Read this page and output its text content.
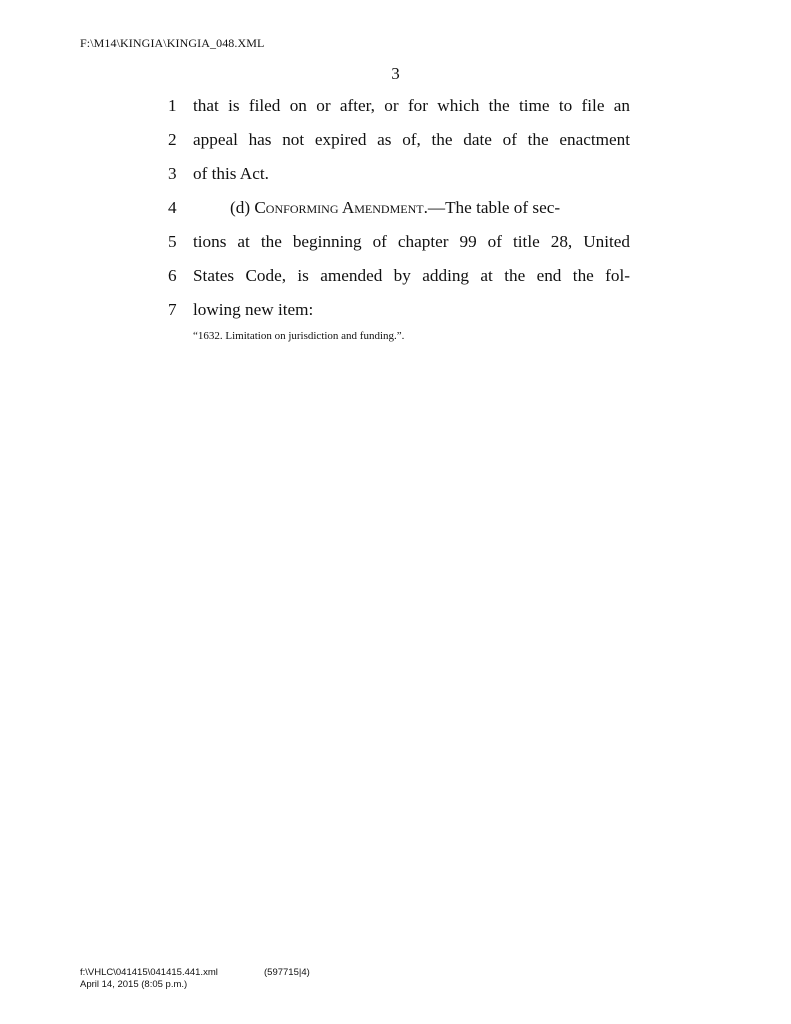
F:\M14\KINGIA\KINGIA_048.XML
3
1 that is filed on or after, or for which the time to file an
2 appeal has not expired as of, the date of the enactment
3 of this Act.
4	(d) Conforming Amendment.—The table of sec-
5 tions at the beginning of chapter 99 of title 28, United
6 States Code, is amended by adding at the end the fol-
7 lowing new item:
“1632. Limitation on jurisdiction and funding.”.
f:\VHLC\041415\041415.441.xml	(597715|4)
April 14, 2015 (8:05 p.m.)
